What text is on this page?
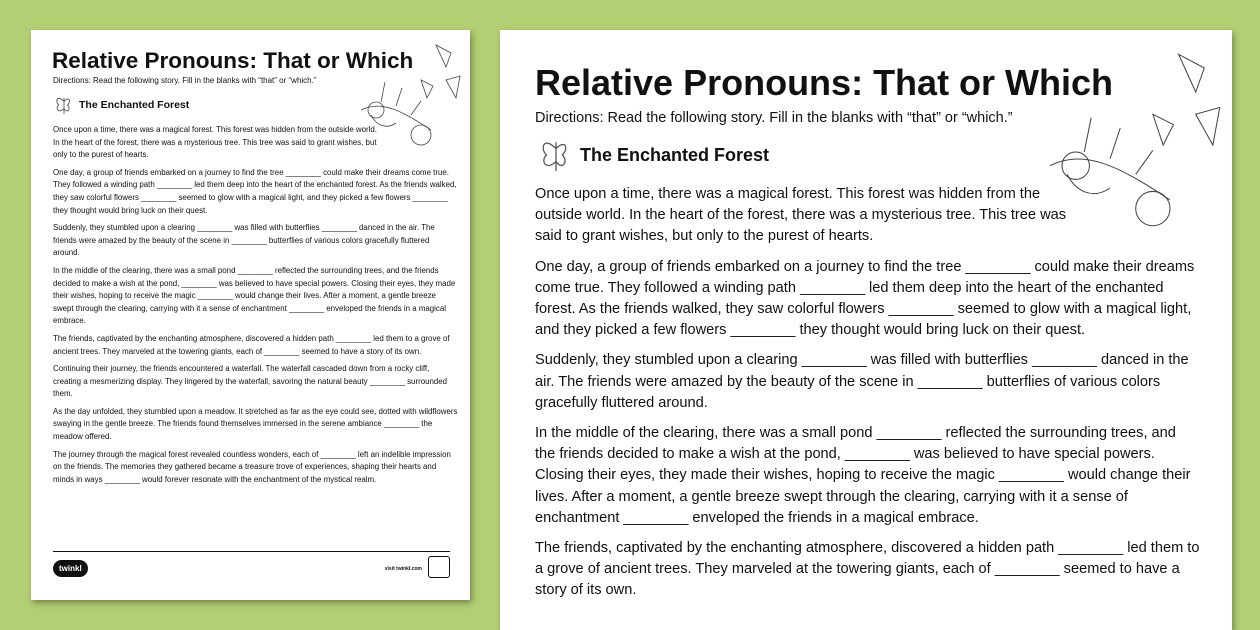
Relative Pronouns: That or Which

Directions: Read the following story. Fill in the blanks with “that” or “which.”

The Enchanted Forest

Once upon a time, there was a magical forest. This forest was hidden from the outside world. In the heart of the forest, there was a mysterious tree. This tree was said to grant wishes, but only to the purest of hearts.

One day, a group of friends embarked on a journey to find the tree ________ could make their dreams come true. They followed a winding path ________ led them deep into the heart of the enchanted forest. As the friends walked, they saw colorful flowers ________ seemed to glow with a magical light, and they picked a few flowers ________ they thought would bring luck on their quest.

Suddenly, they stumbled upon a clearing ________ was filled with butterflies ________ danced in the air. The friends were amazed by the beauty of the scene in ________ butterflies of various colors gracefully fluttered around.

In the middle of the clearing, there was a small pond ________ reflected the surrounding trees, and the friends decided to make a wish at the pond, ________ was believed to have special powers. Closing their eyes, they made their wishes, hoping to receive the magic ________ would change their lives. After a moment, a gentle breeze swept through the clearing, carrying with it a sense of enchantment ________ enveloped the friends in a magical embrace.

The friends, captivated by the enchanting atmosphere, discovered a hidden path ________ led them to a grove of ancient trees. They marveled at the towering giants, each of ________ seemed to have a story of its own.

Continuing their journey, the friends encountered a waterfall. The waterfall cascaded down from a rocky cliff, creating a mesmerizing display. They lingered by the waterfall, savoring the natural beauty ________ surrounded them.

As the day unfolded, they stumbled upon a meadow. It stretched as far as the eye could see, dotted with wildflowers swaying in the gentle breeze. The friends found themselves immersed in the serene ambiance ________ the meadow offered.

The journey through the magical forest revealed countless wonders, each of ________ left an indelible impression on the friends. The memories they gathered became a treasure trove of experiences, shaping their hearts and minds in ways ________ would forever resonate with the enchantment of the mystical realm.

twinkl	visit twinkl.com
Relative Pronouns: That or Which

Directions: Read the following story. Fill in the blanks with “that” or “which.”

The Enchanted Forest

Once upon a time, there was a magical forest. This forest was hidden from the outside world. In the heart of the forest, there was a mysterious tree. This tree was said to grant wishes, but only to the purest of hearts.

One day, a group of friends embarked on a journey to find the tree ________ could make their dreams come true. They followed a winding path ________ led them deep into the heart of the enchanted forest. As the friends walked, they saw colorful flowers ________ seemed to glow with a magical light, and they picked a few flowers ________ they thought would bring luck on their quest.

Suddenly, they stumbled upon a clearing ________ was filled with butterflies ________ danced in the air. The friends were amazed by the beauty of the scene in ________ butterflies of various colors gracefully fluttered around.

In the middle of the clearing, there was a small pond ________ reflected the surrounding trees, and the friends decided to make a wish at the pond, ________ was believed to have special powers. Closing their eyes, they made their wishes, hoping to receive the magic ________ would change their lives. After a moment, a gentle breeze swept through the clearing, carrying with it a sense of enchantment ________ enveloped the friends in a magical embrace.

The friends, captivated by the enchanting atmosphere, discovered a hidden path ________ led them to a grove of ancient trees. They marveled at the towering giants, each of ________ seemed to have a story of its own.
